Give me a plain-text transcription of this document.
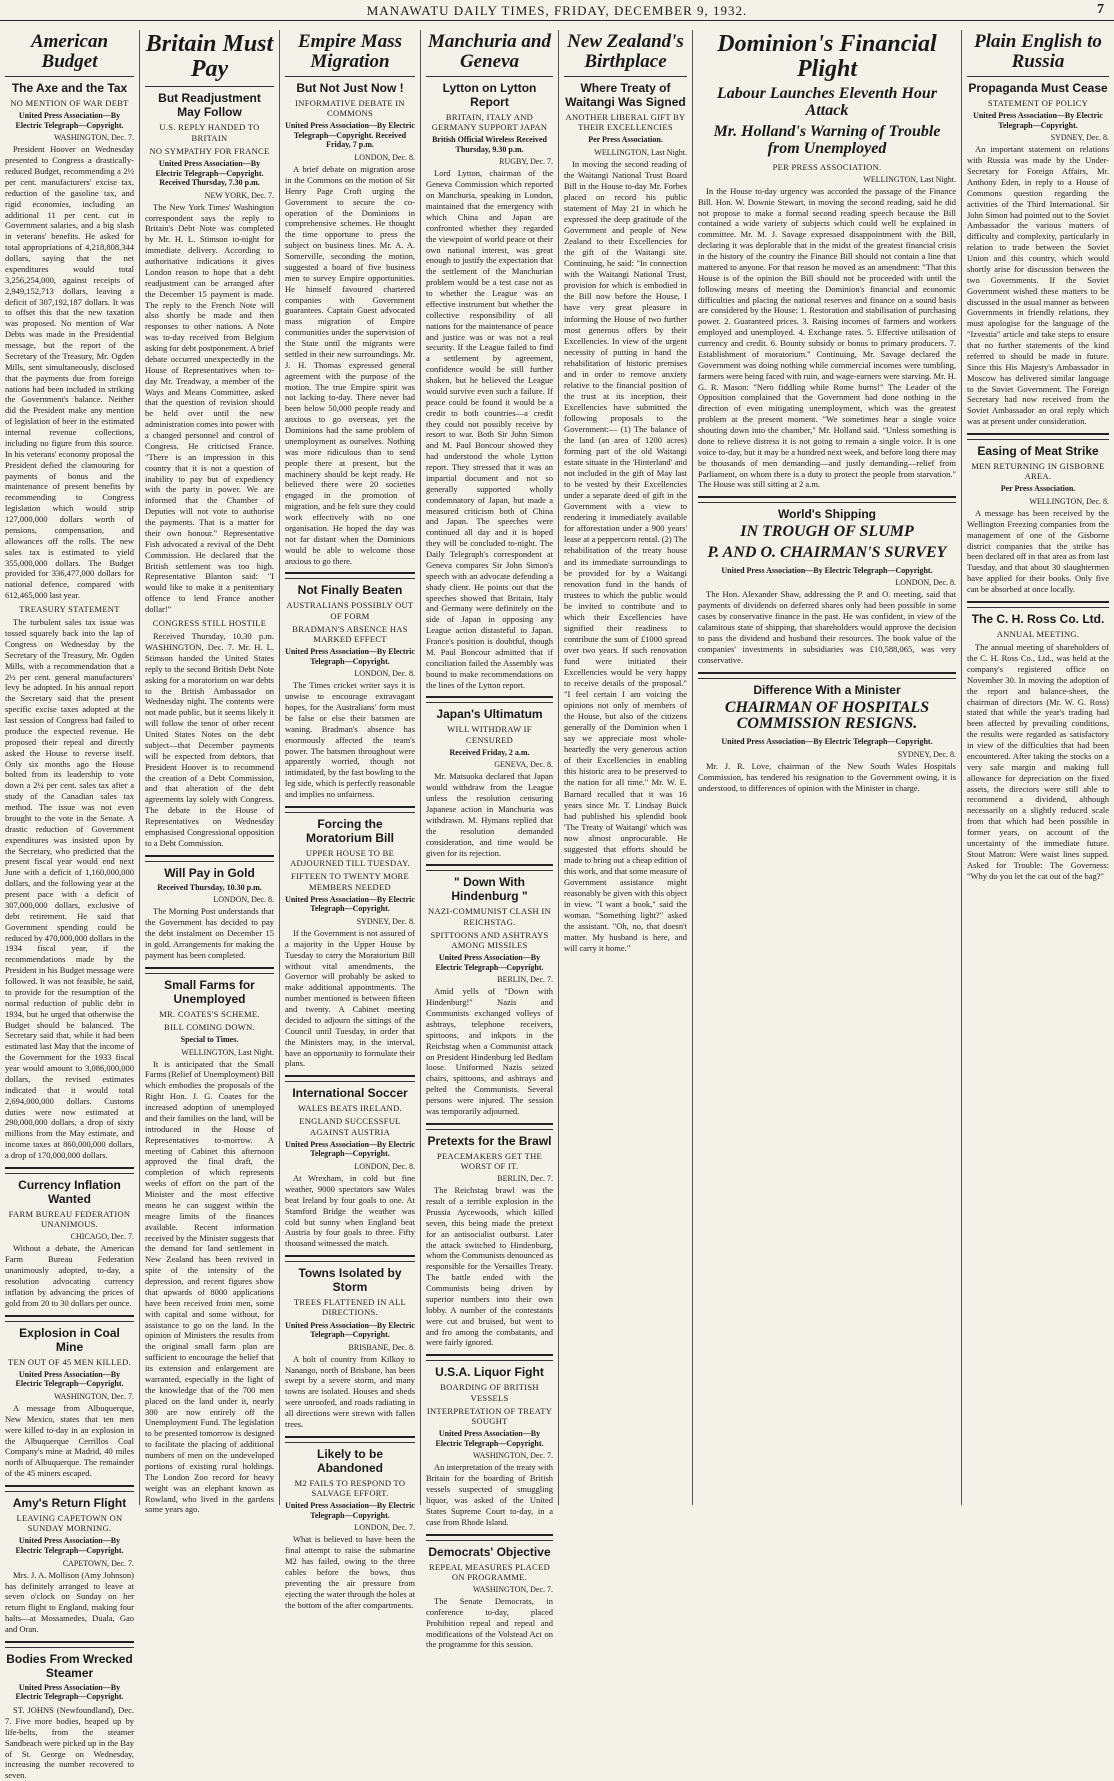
MANAWATU DAILY TIMES, FRIDAY, DECEMBER 9, 1932.	7
American Budget
The Axe and the Tax
NO MENTION OF WAR DEBT
United Press Association—By Electric Telegraph—Copyright.
WASHINGTON, Dec. 7.

President Hoover on Wednesday presented to Congress a drastically-reduced Budget, recommending a 2½ per cent. manufacturers' excise tax, reduction of the gasoline tax, and rigid economies, including an additional 11 per cent. cut in Government salaries, and a big slash in veterans' benefits. He asked for total appropriations of 4,218,808,344 dollars, saying that the net expenditures would total 3,256,254,000, against receipts of 2,949,152,713 dollars, leaving a deficit of 307,192,187 dollars. It was to offset this that the new taxation was proposed. No mention of War Debts was made in the Presidential message, but the report of the Secretary of the Treasury, Mr. Ogden Mills, sent simultaneously, disclosed that the payments due from foreign nations had been included in striking the Government's balance. Neither did the President make any mention of legislation of beer in the estimated internal revenue collections, including no figure from this source. In his veterans' economy proposal the President defied the clamouring for payments of bonus and the maintenance of present benefits by recommending to Congress legislation which would strip 127,000,000 dollars worth of pensions, compensation, and allowances off the rolls. The new sales tax is estimated to yield 355,000,000 dollars. The Budget provided for 336,477,000 dollars for national defence, compared with 612,465,000 last year.

TREASURY STATEMENT

The turbulent sales tax issue was tossed squarely back into the lap of Congress on Wednesday by the Secretary of the Treasury, Mr. Ogden Mills, with a recommendation that a 2½ per cent. general manufacturers' levy be adopted. In his annual report the Secretary said that the present specific excise taxes adopted at the last session of Congress had failed to produce the expected revenue. He proposed their repeal and directly asked the House to reverse itself. Only six months ago the House bolted from its leadership to vote down a 2¼ per cent. sales tax after a study of the Canadian sales tax method. The issue was not even brought to the vote in the Senate. A drastic reduction of Government expenditures was insisted upon by the Secretary, who predicted that the present fiscal year would end next June with a deficit of 1,160,000,000 dollars, and the following year at the present pace with a deficit of 307,000,000 dollars, exclusive of debt retirement. He said that Government spending could be reduced by 470,000,000 dollars in the 1934 fiscal year, if the recommendations made by the President in his Budget message were followed. It was not feasible, he said, to provide for the resumption of the normal reduction of public debt in 1934, but he urged that otherwise the Budget should be balanced. The Secretary said that, while it had been estimated last May that the income of the Government for the 1933 fiscal year would amount to 3,086,000,000 dollars, the revised estimates indicated that it would total 2,694,000,000 dollars. Customs duties were now estimated at 290,000,000 dollars, a drop of sixty millions from the May estimate, and income taxes at 860,000,000 dollars, a drop of 170,000,000 dollars.

Currency Inflation Wanted
FARM BUREAU FEDERATION UNANIMOUS.
CHICAGO, Dec. 7.

Without a debate, the American Farm Bureau Federation unanimously adopted, to-day, a resolution advocating currency inflation by advancing the prices of gold from 20 to 30 dollars per ounce.

Explosion in Coal Mine
TEN OUT OF 45 MEN KILLED.
United Press Association—By Electric Telegraph—Copyright.
WASHINGTON, Dec. 7.

A message from Albuquerque, New Mexico, states that ten men were killed to-day in an explosion in the Albuquerque Cerrillos Coal Company's mine at Madrid, 40 miles north of Albuquerque. The remainder of the 45 miners escaped.

Amy's Return Flight
LEAVING CAPETOWN ON SUNDAY MORNING.
United Press Association—By Electric Telegraph—Copyright.
CAPETOWN, Dec. 7.

Mrs. J. A. Mollison (Amy Johnson) has definitely arranged to leave at seven o'clock on Sunday on her return flight to England, making four halts—at Mossamedes, Duala, Gao and Oran.

Bodies From Wrecked Steamer
United Press Association—By Electric Telegraph—Copyright.

ST. JOHNS (Newfoundland), Dec. 7. Five more bodies, heaped up by life-belts, from the steamer Sandbeach were picked up in the Bay of St. George on Wednesday, increasing the number recovered to seven.

Britain Must Pay
But Readjustment May Follow
U.S. REPLY HANDED TO BRITAIN
NO SYMPATHY FOR FRANCE
United Press Association—By Electric Telegraph—Copyright. Received Thursday, 7.30 p.m.
NEW YORK, Dec. 7.

The New York Times' Washington correspondent says the reply to Britain's Debt Note was completed by Mr. H. L. Stimson to-night for immediate delivery. According to authoritative indications it gives London reason to hope that a debt readjustment can be arranged after the December 15 payment is made. The reply to the French Note will also shortly be made and then responses to other nations. A Note was to-day received from Belgium asking for debt postponement. A brief debate occurred unexpectedly in the House of Representatives when to-day Mr. Treadway, a member of the Ways and Means Committee, asked that the question of revision should be held over until the new administration comes into power with a changed personnel and control of Congress. He criticised France. "There is an impression in this country that it is not a question of inability to pay but of expediency with the party in power. We are informed that the Chamber of Deputies will not vote to authorise the payments. That is a matter for their own honour." Representative Fish advocated a revival of the Debt Commission. He declared that the British settlement was too high. Representative Blanton said: "I would like to make it a penitentiary offence to lend France another dollar!"

CONGRESS STILL HOSTILE

Received Thursday, 10.30 p.m. WASHINGTON, Dec. 7. Mr. H. L. Stimson handed the United States reply to the second British Debt Note asking for a moratorium on war debts to the British Ambassador on Wednesday night. The contents were not made public, but it seems likely it will follow the tenor of other recent United States Notes on the debt subject—that December payments will be expected from debtors, that President Hoover is to recommend the creation of a Debt Commission, and that alteration of the debt agreements lay solely with Congress. The debate in the House of Representatives on Wednesday emphasised Congressional opposition to a Debt Commission.

Will Pay in Gold
Received Thursday, 10.30 p.m.
LONDON, Dec. 8.

The Morning Post understands that the Government has decided to pay the debt instalment on December 15 in gold. Arrangements for making the payment has been completed.

Small Farms for Unemployed
MR. COATES'S SCHEME.
BILL COMING DOWN.
Special to Times.
WELLINGTON, Last Night.

It is anticipated that the Small Farms (Relief of Unemployment) Bill which embodies the proposals of the Right Hon. J. G. Coates for the increased adoption of unemployed and their families on the land, will be introduced in the House of Representatives to-morrow. A meeting of Cabinet this afternoon approved the final draft, the completion of which represents weeks of effort on the part of the Minister and the most effective means he can suggest within the meagre limits of the finances available. Recent information received by the Minister suggests that the demand for land settlement in New Zealand has been revived in spite of the intensity of the depression, and recent figures show that upwards of 8000 applications have been received from men, some with capital and some without, for assistance to go on the land. In the opinion of Ministers the results from the original small farm plan are sufficient to encourage the belief that its extension and enlargement are warranted, especially in the light of the knowledge that of the 700 men placed on the land under it, nearly 300 are now entirely off the Unemployment Fund. The legislation to be presented tomorrow is designed to facilitate the placing of additional numbers of men on the undeveloped portions of existing rural holdings. The London Zoo record for heavy weight was an elephant known as Rowland, who lived in the gardens some years ago.

Empire Mass Migration
But Not Just Now !
INFORMATIVE DEBATE IN COMMONS
United Press Association—By Electric Telegraph—Copyright. Received Friday, 7 p.m.
LONDON, Dec. 8.

A brief debate on migration arose in the Commons on the motion of Sir Henry Page Croft urging the Government to secure the co-operation of the Dominions in comprehensive schemes. He thought the time opportune to press the subject on business lines. Mr. A. A. Somerville, seconding the motion, suggested a board of five business men to survey Empire opportunities. He himself favoured chartered companies with Government guarantees. Captain Guest advocated mass migration of Empire communities under the supervision of the State until the migrants were settled in their new surroundings. Mr. J. H. Thomas expressed general agreement with the purpose of the motion. The true Empire spirit was not lacking to-day. There never had been below 50,000 people ready and anxious to go overseas, yet the Dominions had the same problem of unemployment as ourselves. Nothing was more ridiculous than to send people there at present, but the machinery should be kept ready. He believed there were 20 societies engaged in the promotion of migration, and he felt sure they could work effectively with no one organisation. He hoped the day was not far distant when the Dominions would be able to welcome those anxious to go there.

Not Finally Beaten
AUSTRALIANS POSSIBLY OUT OF FORM
BRADMAN'S ABSENCE HAS MARKED EFFECT
United Press Association—By Electric Telegraph—Copyright.
LONDON, Dec. 8.

The Times cricket writer says it is unwise to encourage extravagant hopes, for the Australians' form must be false or else their batsmen are waning. Bradman's absence has enormously affected the team's power. The batsmen throughout were apparently worried, though not intimidated, by the fast bowling to the leg side, which is perfectly reasonable and implies no unfairness.

Forcing the Moratorium Bill
UPPER HOUSE TO BE ADJOURNED TILL TUESDAY.
FIFTEEN TO TWENTY MORE MEMBERS NEEDED
United Press Association—By Electric Telegraph—Copyright.
SYDNEY, Dec. 8.

If the Government is not assured of a majority in the Upper House by Tuesday to carry the Moratorium Bill without vital amendments, the Governor will probably be asked to make additional appointments. The number mentioned is between fifteen and twenty. A Cabinet meeting decided to adjourn the sittings of the Council until Tuesday, in order that the Ministers may, in the interval, have an opportunity to formulate their plans.

International Soccer
WALES BEATS IRELAND.
ENGLAND SUCCESSFUL AGAINST AUSTRIA
United Press Association—By Electric Telegraph—Copyright.
LONDON, Dec. 8.

At Wrexham, in cold but fine weather, 9000 spectators saw Wales beat Ireland by four goals to one. At Stamford Bridge the weather was cold but sunny when England beat Austria by four goals to three. Fifty thousand witnessed the match.

Towns Isolated by Storm
TREES FLATTENED IN ALL DIRECTIONS.
United Press Association—By Electric Telegraph—Copyright.
BRISBANE, Dec. 8.

A bolt of country from Kilkoy to Nanango, north of Brisbane, has been swept by a severe storm, and many towns are isolated. Houses and sheds were unroofed, and roads radiating in all directions were strewn with fallen trees.

Likely to be Abandoned
M2 FAILS TO RESPOND TO SALVAGE EFFORT.
United Press Association—By Electric Telegraph—Copyright.
LONDON, Dec. 7.

What is believed to have been the final attempt to raise the submarine M2 has failed, owing to the three cables before the bows, thus preventing the air pressure from ejecting the water through the holes at the bottom of the after compartments.

Manchuria and Geneva
Lytton on Lytton Report
BRITAIN, ITALY AND GERMANY SUPPORT JAPAN
British Official Wireless Received Thursday, 9.30 p.m.
RUGBY, Dec. 7.

Lord Lytton, chairman of the Geneva Commission which reported on Manchuria, speaking in London, maintained that the emergency with which China and Japan are confronted whether they regarded the viewpoint of world peace or their own national interest, was great enough to justify the expectation that the settlement of the Manchurian problem would be a test case not as to whether the League was an effective instrument but whether the collective responsibility of all nations for the maintenance of peace and justice was or was not a real security. If the League failed to find a settlement by agreement, confidence would be still further shaken, but he believed the League would survive even such a failure. If peace could be found it would be a credit to both countries—a credit they could not possibly receive by resort to war. Both Sir John Simon and M. Paul Boncour showed they had understood the whole Lytton report. They stressed that it was an impartial document and not so generally supported wholly condemnatory of Japan, but made a measured criticism both of China and Japan. The speeches were continued all day and it is hoped they will be concluded to-night. The Daily Telegraph's correspondent at Geneva compares Sir John Simon's speech with an advocate defending a shady client. He points out that the speeches showed that Britain, Italy and Germany were definitely on the side of Japan in opposing any League action distasteful to Japan. France's position is doubtful, though M. Paul Boncour admitted that if conciliation failed the Assembly was bound to make recommendations on the lines of the Lytton report.

Japan's Ultimatum
WILL WITHDRAW IF CENSURED
Received Friday, 2 a.m.
GENEVA, Dec. 8.

Mr. Matsuoka declared that Japan would withdraw from the League unless the resolution censuring Japanese action in Manchuria was withdrawn. M. Hymans replied that the resolution demanded consideration, and time would be given for its rejection.

" Down With Hindenburg "
NAZI-COMMUNIST CLASH IN REICHSTAG.
SPITTOONS AND ASHTRAYS AMONG MISSILES
United Press Association—By Electric Telegraph—Copyright.
BERLIN, Dec. 7.

Amid yells of "Down with Hindenburg!" Nazis and Communists exchanged volleys of ashtrays, telephone receivers, spittoons, and inkpots in the Reichstag when a Communist attack on President Hindenburg led Bedlam loose. Uniformed Nazis seized chairs, spittoons, and ashtrays and pelted the Communists. Several persons were injured. The session was temporarily adjourned.

Pretexts for the Brawl
PEACEMAKERS GET THE WORST OF IT.
BERLIN, Dec. 7.

The Reichstag brawl was the result of a terrible explosion in the Prussia Aycewoods, which killed seven, this being made the pretext for an antisocialist outburst. Later the attack switched to Hindenburg, whom the Communists denounced as responsible for the Versailles Treaty. The battle ended with the Communists being driven by superior numbers into their own lobby. A number of the contestants were cut and bruised, but went to and fro among the combatants, and were fairly ignored.

U.S.A. Liquor Fight
BOARDING OF BRITISH VESSELS
INTERPRETATION OF TREATY SOUGHT
United Press Association—By Electric Telegraph—Copyright.
WASHINGTON, Dec. 7.

An interpretation of the treaty with Britain for the boarding of British vessels suspected of smuggling liquor, was asked of the United States Supreme Court to-day, in a case from Rhode Island.

Democrats' Objective
REPEAL MEASURES PLACED ON PROGRAMME.
WASHINGTON, Dec. 7.

The Senate Democrats, in conference to-day, placed Prohibition repeal and repeal and modifications of the Volstead Act on the programme for this session.

New Zealand's Birthplace
Where Treaty of Waitangi Was Signed
ANOTHER LIBERAL GIFT BY THEIR EXCELLENCIES
Per Press Association.
WELLINGTON, Last Night.

In moving the second reading of the Waitangi National Trust Board Bill in the House to-day Mr. Forbes placed on record his public statement of May 21 in which he expressed the deep gratitude of the Government and people of New Zealand to their Excellencies for the gift of the Waitangi site. Continuing, he said: "In connection with the Waitangi National Trust, provision for which is embodied in the Bill now before the House, I have very great pleasure in informing the House of two further most generous offers by their Excellencies. In view of the urgent necessity of putting in hand the rehabilitation of historic premises and in order to remove anxiety relative to the financial position of the trust at its inception, their Excellencies have submitted the following proposals to the Government:— (1) The balance of the land (an area of 1200 acres) forming part of the old Waitangi estate situate in the 'Hinterland' and not included in the gift of May last to be vested by their Excellencies under a separate deed of gift in the Government with a view to rendering it immediately available for afforestation under a 900 years' lease at a peppercorn rental. (2) The rehabilitation of the treaty house and its immediate surroundings to be provided for by a Waitangi renovation fund in the hands of trustees to which the public would be invited to contribute and to which their Excellencies have signified their readiness to contribute the sum of £1000 spread over two years. If such renovation fund were initiated their Excellencies would be very happy to receive details of the proposal." "I feel certain I am voicing the opinions not only of members of the House, but also of the citizens generally of the Dominion when I say we appreciate most whole-heartedly the very generous action of their Excellencies in enabling this historic area to be preserved to the nation for all time." Mr. W. E. Barnard recalled that it was 16 years since Mr. T. Lindsay Buick had published his splendid book 'The Treaty of Waitangi' which was now almost unprocurable. He suggested that efforts should be made to bring out a cheap edition of this work, and that some measure of Government assistance might reasonably be given with this object in view. "I want a book," said the woman. "Something light?" asked the assistant. "Oh, no, that doesn't matter. My husband is here, and will carry it home."

Dominion's Financial Plight
Labour Launches Eleventh Hour Attack
Mr. Holland's Warning of Trouble from Unemployed
PER PRESS ASSOCIATION.
WELLINGTON, Last Night.

In the House to-day urgency was accorded the passage of the Finance Bill. Hon. W. Downie Stewart, in moving the second reading, said he did not propose to make a formal second reading speech because the Bill contained a wide variety of subjects which could well be explained in committee. Mr. M. J. Savage expressed disappointment with the Bill, declaring it was deplorable that in the midst of the greatest financial crisis in the history of the country the Finance Bill should not contain a line that mattered to anyone. For that reason he moved as an amendment: "That this House is of the opinion the Bill should not be proceeded with until the following means of meeting the Dominion's financial and economic difficulties and placing the national reserves and finance on a sound basis are considered by the House: 1. Restoration and stabilisation of purchasing power. 2. Guaranteed prices. 3. Raising incomes of farmers and workers employed and unemployed. 4. Exchange rates. 5. Effective utilisation of currency and credit. 6. Bounty subsidy or bonus to primary producers. 7. Establishment of moratorium." Continuing, Mr. Savage declared the Government was doing nothing while commercial incomes were tumbling, farmers were being faced with ruin, and wage-earners were starving. Mr. H. G. R. Mason: "Nero fiddling while Rome burns!" The Leader of the Opposition complained that the Government had done nothing in the direction of even mitigating unemployment, which was the greatest problem at the present moment. "We sometimes hear a single voice shouting down into the chamber," Mr. Holland said. "Unless something is done to relieve distress it is not going to remain a single voice. It is one voice to-day, but it may be a hundred next week, and before long there may be thousands of men demanding—and justly demanding—relief from Parliament, on whom there is a duty to protect the people from starvation." The House was still sitting at 2 a.m.

World's Shipping
IN TROUGH OF SLUMP
P. AND O. CHAIRMAN'S SURVEY
United Press Association—By Electric Telegraph—Copyright.
LONDON, Dec. 8.

The Hon. Alexander Shaw, addressing the P. and O. meeting, said that payments of dividends on deferred shares only had been possible in some cases by conservative finance in the past. He was confident, in view of the calamitous state of shipping, that shareholders would approve the decision to pass the dividend and husband their resources. The book value of the companies' investments in subsidiaries was £10,588,065, was very conservative.

Difference With a Minister
CHAIRMAN OF HOSPITALS COMMISSION RESIGNS.
United Press Association—By Electric Telegraph—Copyright.
SYDNEY, Dec. 8.

Mr. J. R. Love, chairman of the New South Wales Hospitals Commission, has tendered his resignation to the Government owing, it is understood, to differences of opinion with the Minister in charge.

Plain English to Russia
Propaganda Must Cease
STATEMENT OF POLICY
United Press Association—By Electric Telegraph—Copyright.
SYDNEY, Dec. 8.

An important statement on relations with Russia was made by the Under-Secretary for Foreign Affairs, Mr. Anthony Eden, in reply to a House of Commons question regarding the activities of the Third International. Sir John Simon had pointed out to the Soviet Ambassador the various matters of difficulty and complexity, particularly in relation to trade between the Soviet Union and this country, which would shortly arise for discussion between the two Governments. If the Soviet Government wished these matters to be discussed in the usual manner as between Governments in friendly relations, they must apologise for the language of the "Izvestia" article and take steps to ensure that no further statements of the kind referred to should be made in future. Since this His Majesty's Ambassador in Moscow has delivered similar language to the Soviet Government. The Foreign Secretary had now received from the Soviet Ambassador an oral reply which was at present under consideration.

Easing of Meat Strike
MEN RETURNING IN GISBORNE AREA.
Per Press Association.
WELLINGTON, Dec. 8.

A message has been received by the Wellington Freezing companies from the management of one of the Gisborne district companies that the strike has been declared off in that area as from last Tuesday, and that about 30 slaughtermen have applied for their books. Only five can be absorbed at once locally.

The C. H. Ross Co. Ltd.
ANNUAL MEETING.

The annual meeting of shareholders of the C. H. Ross Co., Ltd., was held at the company's registered office on November 30. In moving the adoption of the report and balance-sheet, the chairman of directors (Mr. W. G. Ross) stated that while the year's trading had been affected by prevailing conditions, the results were regarded as satisfactory in view of the difficulties that had been encountered. After taking the stocks on a very safe margin and making full allowance for depreciation on the fixed assets, the directors were still able to recommend a dividend, although necessarily on a slightly reduced scale from that which had been possible in former years, on account of the uncertainty of the immediate future. Stout Matron: Were waist lines supped. Asked for Trouble: The Governess: "Why do you let the cat out of the bag?"
